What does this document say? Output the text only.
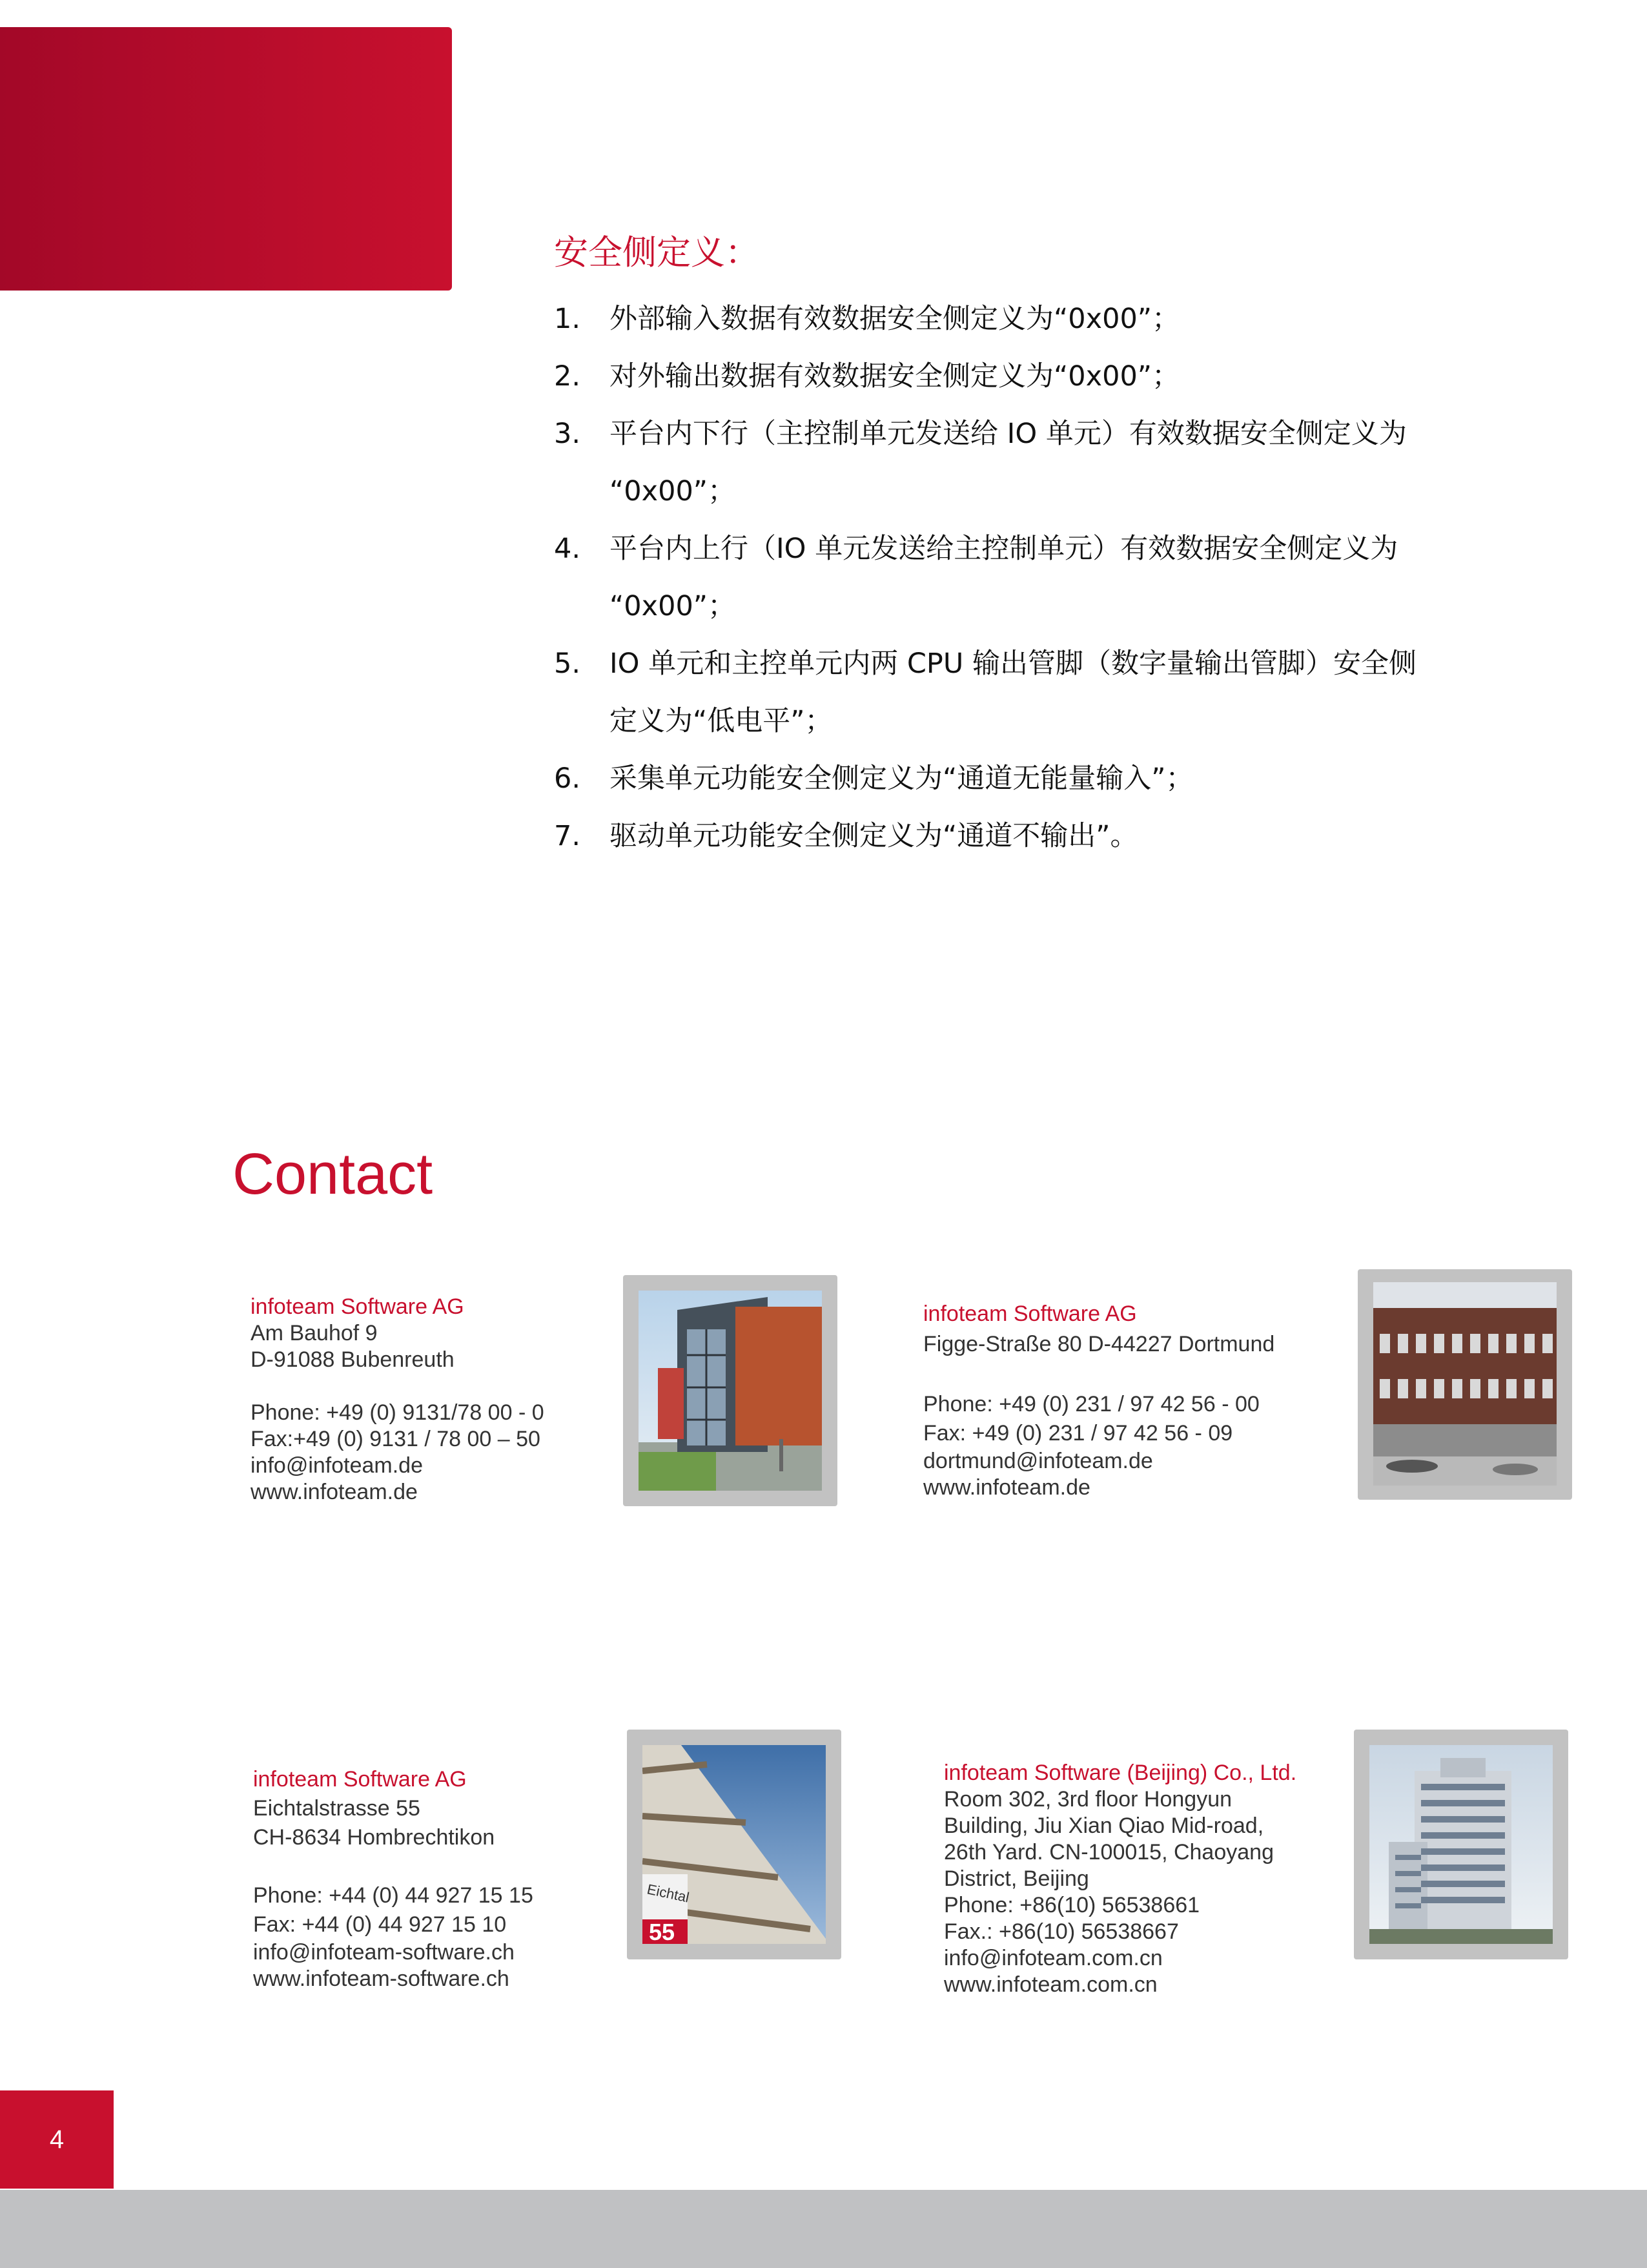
安全侧定义：
1. 外部输入数据有效数据安全侧定义为“0x00”；
2. 对外输出数据有效数据安全侧定义为“0x00”；
3. 平台内下行（主控制单元发送给 IO 单元）有效数据安全侧定义为
“0x00”；
4. 平台内上行（IO 单元发送给主控制单元）有效数据安全侧定义为
“0x00”；
5. IO 单元和主控单元内两 CPU 输出管脚（数字量输出管脚）安全侧
定义为“低电平”；
6. 采集单元功能安全侧定义为“通道无能量输入”；
7. 驱动单元功能安全侧定义为“通道不输出”。
Contact
infoteam Software AG
Am Bauhof 9
D-91088 Bubenreuth
Phone: +49 (0) 9131/78 00 - 0
Fax:+49 (0) 9131 / 78 00 – 50
info@infoteam.de
www.infoteam.de
infoteam Software AG
Figge-Straße 80 D-44227 Dortmund
Phone: +49 (0) 231 / 97 42 56 - 00
Fax: +49 (0) 231 / 97 42 56 - 09
dortmund@infoteam.de
www.infoteam.de
infoteam Software AG
Eichtalstrasse 55
CH-8634 Hombrechtikon
Phone: +44 (0) 44 927 15 15
Fax: +44 (0) 44 927 15 10
info@infoteam-software.ch
www.infoteam-software.ch
Eichtal
55
infoteam Software (Beijing) Co., Ltd.
Room 302, 3rd floor Hongyun
Building, Jiu Xian Qiao Mid-road,
26th Yard. CN-100015, Chaoyang
District, Beijing
Phone: +86(10) 56538661
Fax.: +86(10) 56538667
info@infoteam.com.cn
www.infoteam.com.cn
4
